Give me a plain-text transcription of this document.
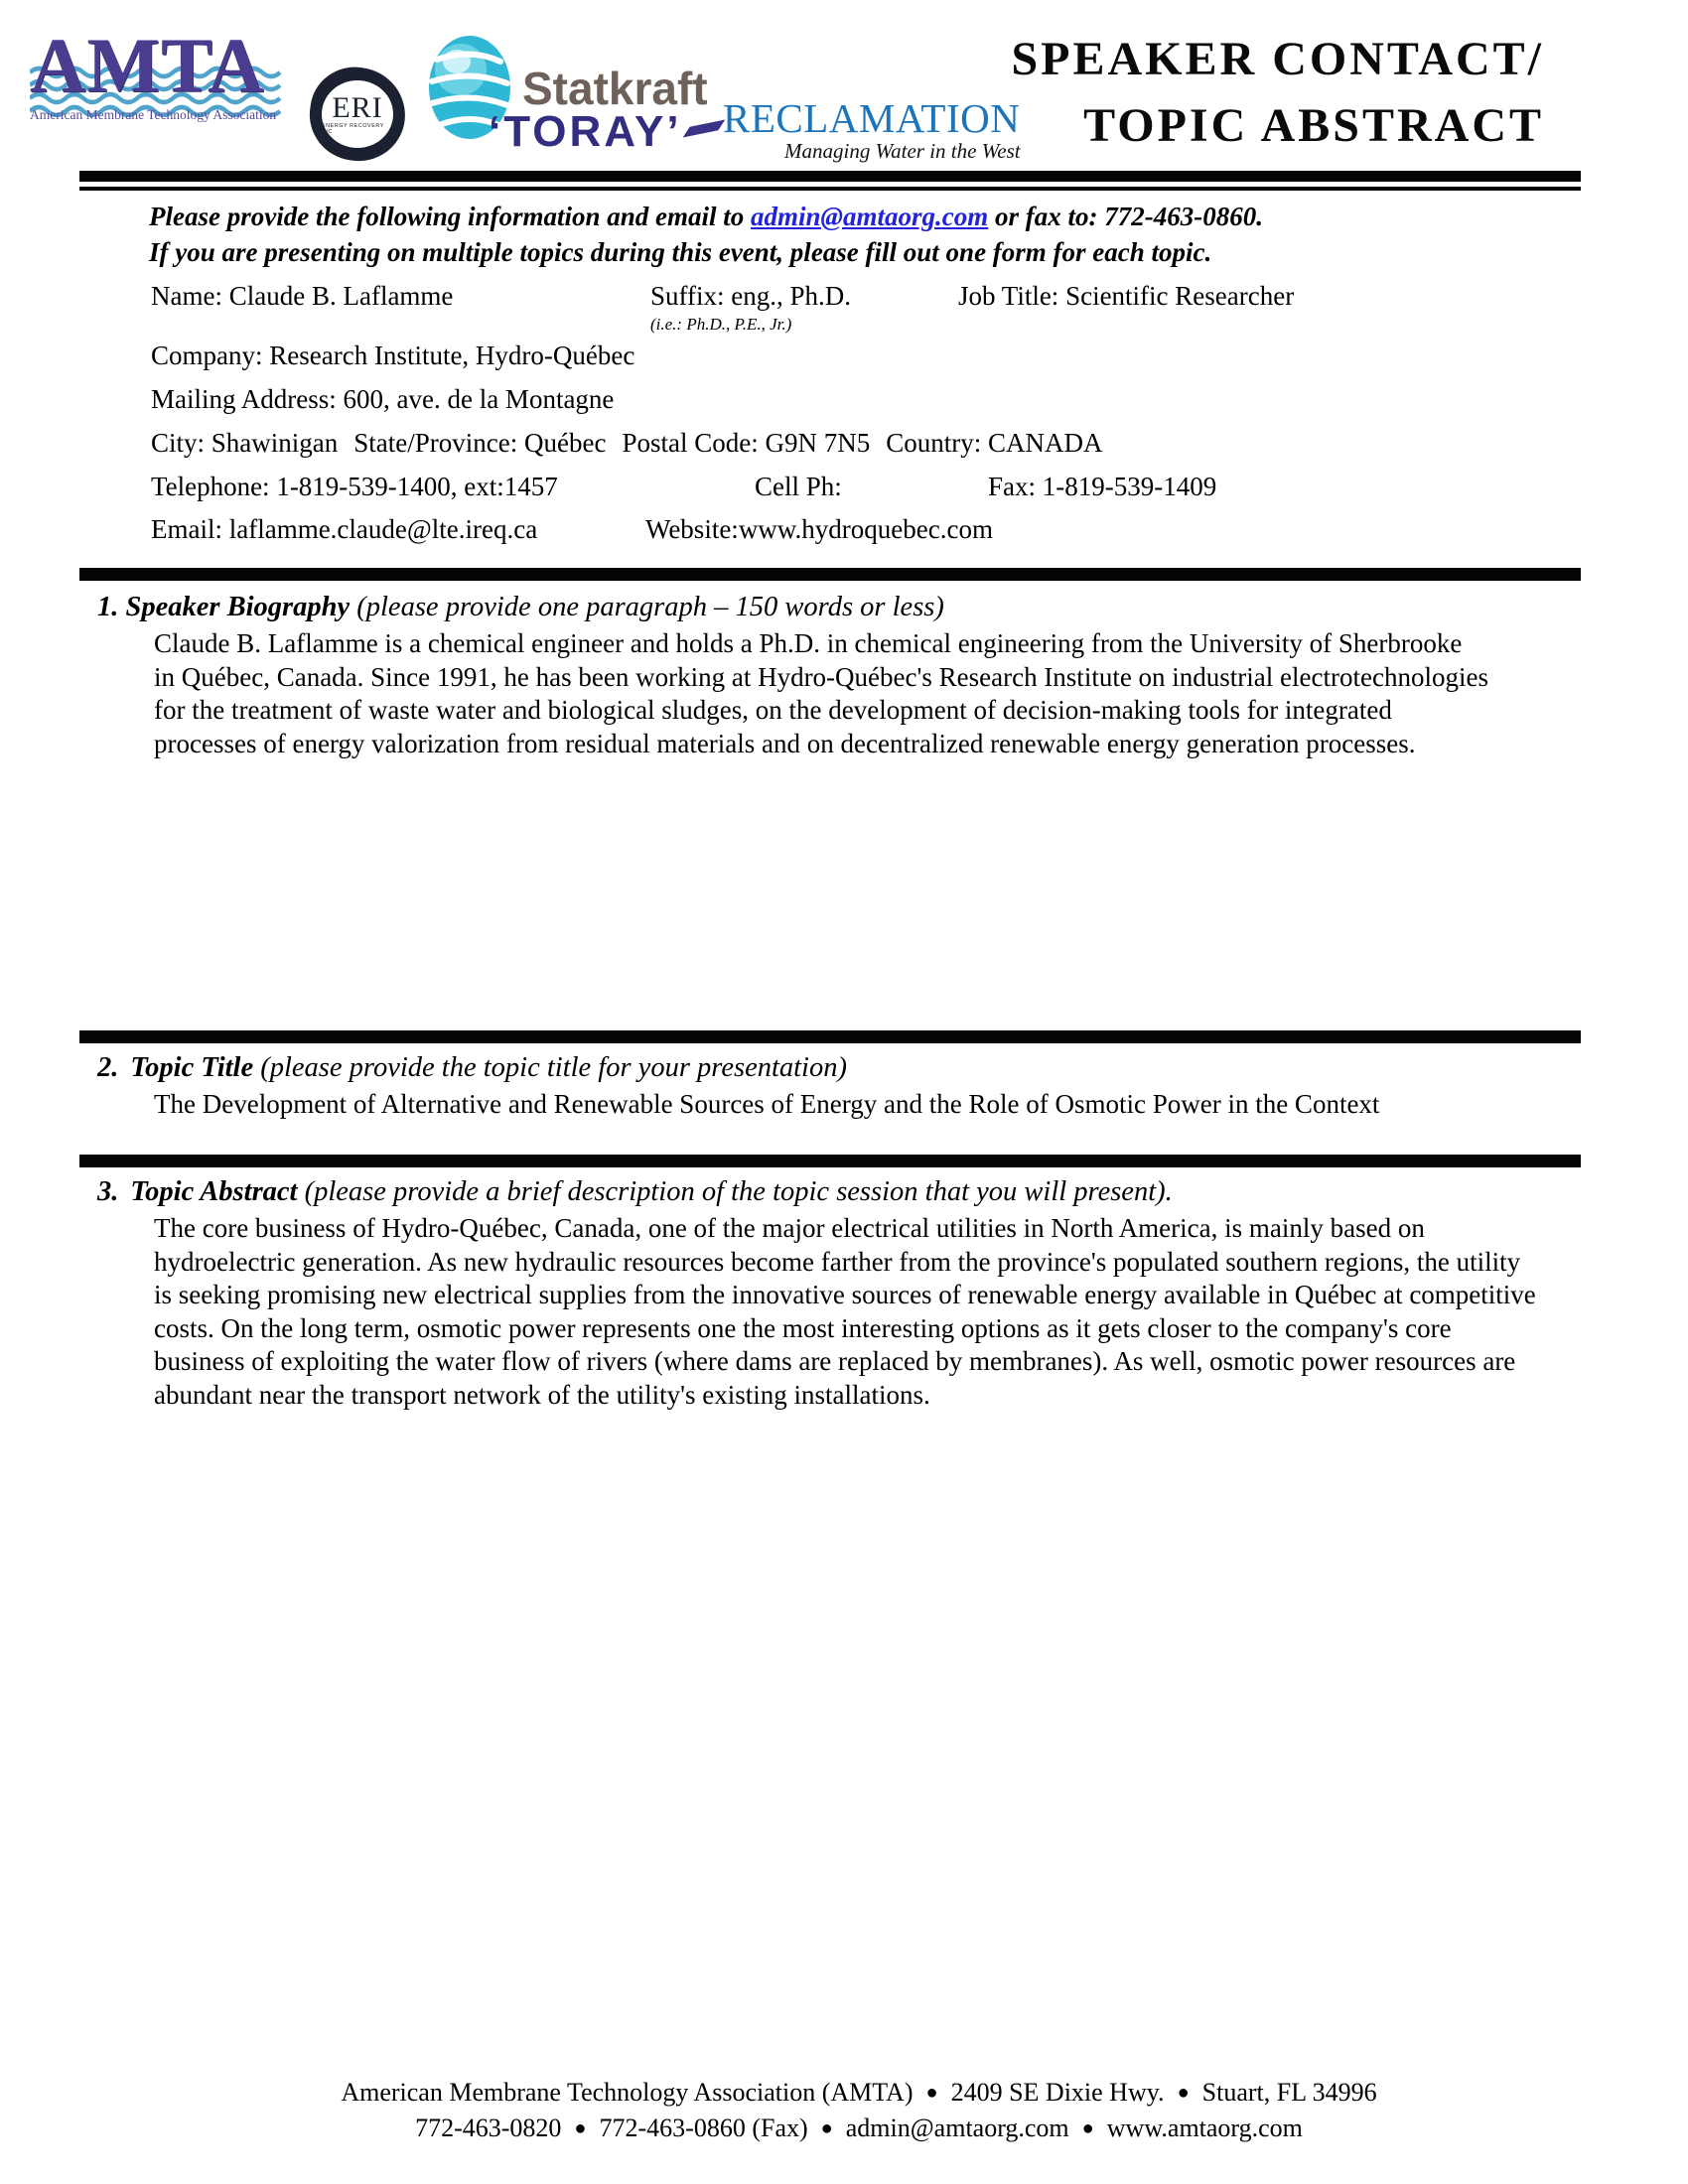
AMTA
American Membrane Technology Association	ERI
ENERGY RECOVERY INC
Statkraft
‘TORAY’ RECLAMATION
Managing Water in the West
SPEAKER CONTACT/
TOPIC ABSTRACT
Please provide the following information and email to admin@amtaorg.com or fax to: 772-463-0860.
If you are presenting on multiple topics during this event, please fill out one form for each topic.
Name: Claude B. Laflamme	Suffix: eng., Ph.D.	Job Title: Scientific Researcher
(i.e.: Ph.D., P.E., Jr.)
Company: Research Institute, Hydro-Québec
Mailing Address: 600, ave. de la Montagne
City: Shawinigan State/Province: Québec Postal Code: G9N 7N5 Country: CANADA
Telephone: 1-819-539-1400, ext:1457	Cell Ph:	Fax: 1-819-539-1409
Email: laflamme.claude@lte.ireq.ca	Website:www.hydroquebec.com
1. Speaker Biography (please provide one paragraph – 150 words or less)
Claude B. Laflamme is a chemical engineer and holds a Ph.D. in chemical engineering from the University of Sherbrooke in Québec, Canada. Since 1991, he has been working at Hydro-Québec's Research Institute on industrial electrotechnologies for the treatment of waste water and biological sludges, on the development of decision-making tools for integrated processes of energy valorization from residual materials and on decentralized renewable energy generation processes.
2. Topic Title (please provide the topic title for your presentation)
The Development of Alternative and Renewable Sources of Energy and the Role of Osmotic Power in the Context
3. Topic Abstract (please provide a brief description of the topic session that you will present).
The core business of Hydro-Québec, Canada, one of the major electrical utilities in North America, is mainly based on hydroelectric generation. As new hydraulic resources become farther from the province's populated southern regions, the utility is seeking promising new electrical supplies from the innovative sources of renewable energy available in Québec at competitive costs. On the long term, osmotic power represents one the most interesting options as it gets closer to the company's core business of exploiting the water flow of rivers (where dams are replaced by membranes). As well, osmotic power resources are abundant near the transport network of the utility's existing installations.
American Membrane Technology Association (AMTA) ● 2409 SE Dixie Hwy. ● Stuart, FL 34996
772-463-0820 ● 772-463-0860 (Fax) ● admin@amtaorg.com ● www.amtaorg.com
